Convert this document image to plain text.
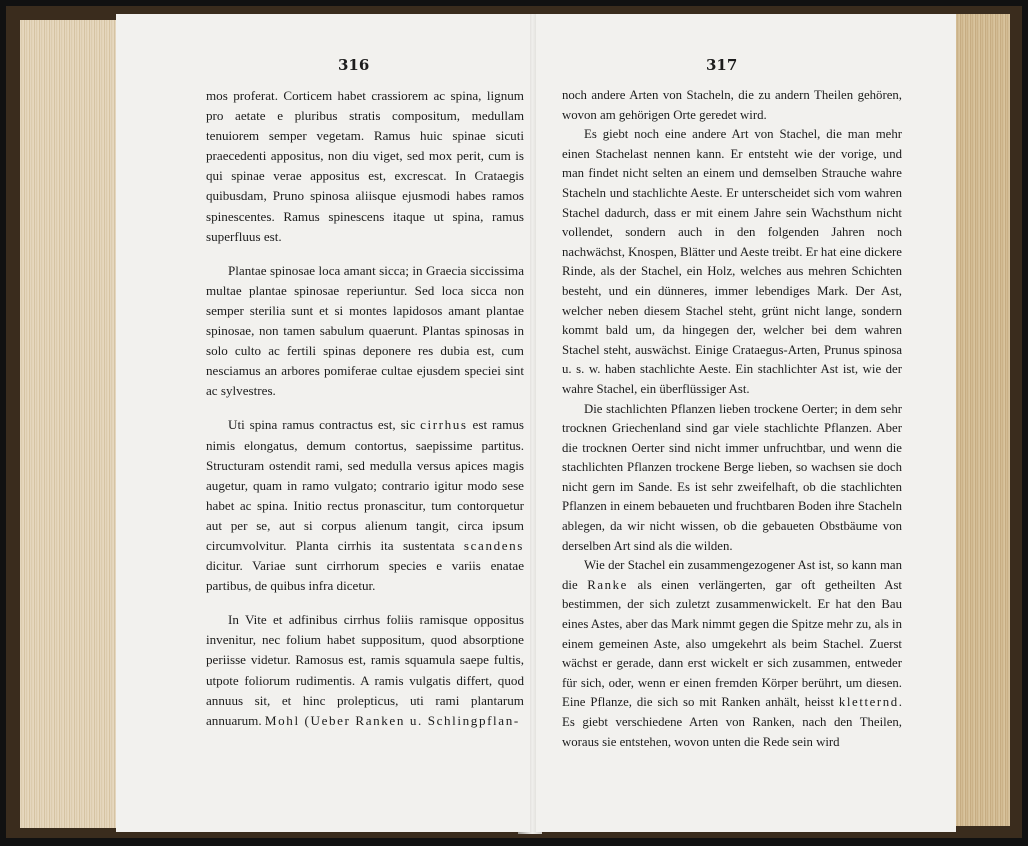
316

mos proferat. Corticem habet crassiorem ac spina, lignum pro aetate e pluribus stratis compositum, medullam tenuiorem semper vegetam. Ramus huic spinae sicuti praecedenti appositus, non diu viget, sed mox perit, cum is qui spinae verae appositus est, excrescat. In Crataegis quibusdam, Pruno spinosa aliisque ejusmodi habes ramos spinescentes. Ramus spinescens itaque ut spina, ramus superfluus est.

Plantae spinosae loca amant sicca; in Graecia siccissima multae plantae spinosae reperiuntur. Sed loca sicca non semper sterilia sunt et si montes lapidosos amant plantae spinosae, non tamen sabulum quaerunt. Plantas spinosas in solo culto ac fertili spinas deponere res dubia est, cum nesciamus an arbores pomiferae cultae ejusdem speciei sint ac sylvestres.

Uti spina ramus contractus est, sic cirrhus est ramus nimis elongatus, demum contortus, saepissime partitus. Structuram ostendit rami, sed medulla versus apices magis augetur, quam in ramo vulgato; contrario igitur modo sese habet ac spina. Initio rectus pronascitur, tum contorquetur aut per se, aut si corpus alienum tangit, circa ipsum circumvolvitur. Planta cirrhis ita sustentata scandens dicitur. Variae sunt cirrhorum species e variis enatae partibus, de quibus infra dicetur.

In Vite et adfinibus cirrhus foliis ramisque oppositus invenitur, nec folium habet suppositum, quod absorptione periisse videtur. Ramosus est, ramis squamula saepe fultis, utpote foliorum rudimentis. A ramis vulgatis differt, quod annuus sit, et hinc prolepticus, uti rami plantarum annuarum. Mohl (Ueber Ranken u. Schlingpflan-

317

noch andere Arten von Stacheln, die zu andern Theilen gehören, wovon am gehörigen Orte geredet wird.

Es giebt noch eine andere Art von Stachel, die man mehr einen Stachelast nennen kann. Er entsteht wie der vorige, und man findet nicht selten an einem und demselben Strauche wahre Stacheln und stachlichte Aeste. Er unterscheidet sich vom wahren Stachel dadurch, dass er mit einem Jahre sein Wachsthum nicht vollendet, sondern auch in den folgenden Jahren noch nachwächst, Knospen, Blätter und Aeste treibt. Er hat eine dickere Rinde, als der Stachel, ein Holz, welches aus mehren Schichten besteht, und ein dünneres, immer lebendiges Mark. Der Ast, welcher neben diesem Stachel steht, grünt nicht lange, sondern kommt bald um, da hingegen der, welcher bei dem wahren Stachel steht, auswächst. Einige Crataegus-Arten, Prunus spinosa u. s. w. haben stachlichte Aeste. Ein stachlichter Ast ist, wie der wahre Stachel, ein überflüssiger Ast.

Die stachlichten Pflanzen lieben trockene Oerter; in dem sehr trocknen Griechenland sind gar viele stachlichte Pflanzen. Aber die trocknen Oerter sind nicht immer unfruchtbar, und wenn die stachlichten Pflanzen trockene Berge lieben, so wachsen sie doch nicht gern im Sande. Es ist sehr zweifelhaft, ob die stachlichten Pflanzen in einem bebaueten und fruchtbaren Boden ihre Stacheln ablegen, da wir nicht wissen, ob die gebaueten Obstbäume von derselben Art sind als die wilden.

Wie der Stachel ein zusammengezogener Ast ist, so kann man die Ranke als einen verlängerten, gar oft getheilten Ast bestimmen, der sich zuletzt zusammenwickelt. Er hat den Bau eines Astes, aber das Mark nimmt gegen die Spitze mehr zu, als in einem gemeinen Aste, also umgekehrt als beim Stachel. Zuerst wächst er gerade, dann erst wickelt er sich zusammen, entweder für sich, oder, wenn er einen fremden Körper berührt, um diesen. Eine Pflanze, die sich so mit Ranken anhält, heisst kletternd. Es giebt verschiedene Arten von Ranken, nach den Theilen, woraus sie entstehen, wovon unten die Rede sein wird
